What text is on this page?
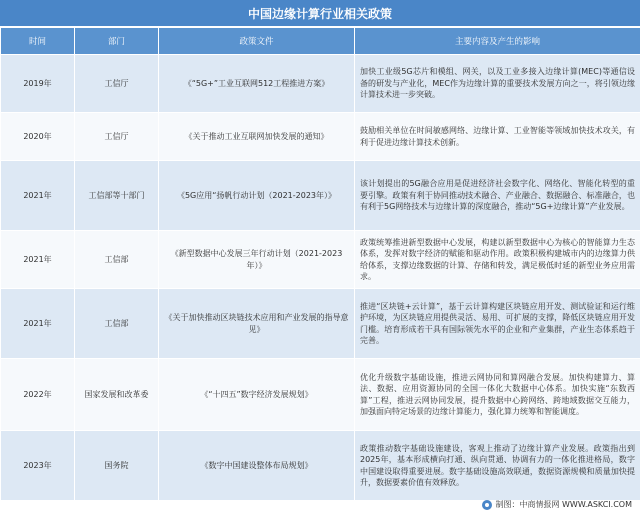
中国边缘计算行业相关政策
时间	部门	政策文件	主要内容及产生的影响
2019年	工信厅	《“5G+”工业互联网512工程推进方案》	加快工业级5G芯片和模组、网关，以及工业多接入边缘计算(MEC)等通信设备的研发与产业化，MEC作为边缘计算的重要技术发展方向之一，将引领边缘计算技术进一步突破。
2020年	工信厅	《关于推动工业互联网加快发展的通知》	鼓励相关单位在时间敏感网络、边缘计算、工业智能等领域加快技术攻关，有利于促进边缘计算技术创新。
2021年	工信部等十部门	《5G应用“扬帆行动计划（2021-2023年）》	该计划提出的5G融合应用是促进经济社会数字化、网络化、智能化转型的重要引擎。政策有利于协同推动技术融合、产业融合、数据融合、标准融合，也有利于5G网络技术与边缘计算的深度融合，推动“5G+边缘计算”产业发展。
2021年	工信部	《新型数据中心发展三年行动计划（2021-2023年）》	政策统筹推进新型数据中心发展，构建以新型数据中心为核心的智能算力生态体系，发挥对数字经济的赋能和驱动作用。政策积极构建城市内的边缘算力供给体系，支撑边缘数据的计算、存储和转发，满足极低时延的新型业务应用需求。
2021年	工信部	《关于加快推动区块链技术应用和产业发展的指导意见》	推进“区块链+云计算”，基于云计算构建区块链应用开发、测试验证和运行维护环境，为区块链应用提供灵活、易用、可扩展的支撑，降低区块链应用开发门槛。培育形成若干具有国际领先水平的企业和产业集群，产业生态体系趋于完善。
2022年	国家发展和改革委	《“十四五”数字经济发展规划》	优化升级数字基础设施，推进云网协同和算网融合发展。加快构建算力、算法、数据、应用资源协同的全国一体化大数据中心体系。加快实施“东数西算”工程，推进云网协同发展，提升数据中心跨网络、跨地域数据交互能力，加强面向特定场景的边缘计算能力，强化算力统筹和智能调度。
2023年	国务院	《数字中国建设整体布局规划》	政策推动数字基础设施建设，客观上推动了边缘计算产业发展。政策指出到2025年，基本形成横向打通、纵向贯通、协调有力的一体化推进格局，数字中国建设取得重要进展。数字基础设施高效联通，数据资源规模和质量加快提升，数据要素价值有效释放。
制图：中商情报网 WWW.ASKCI.COM
